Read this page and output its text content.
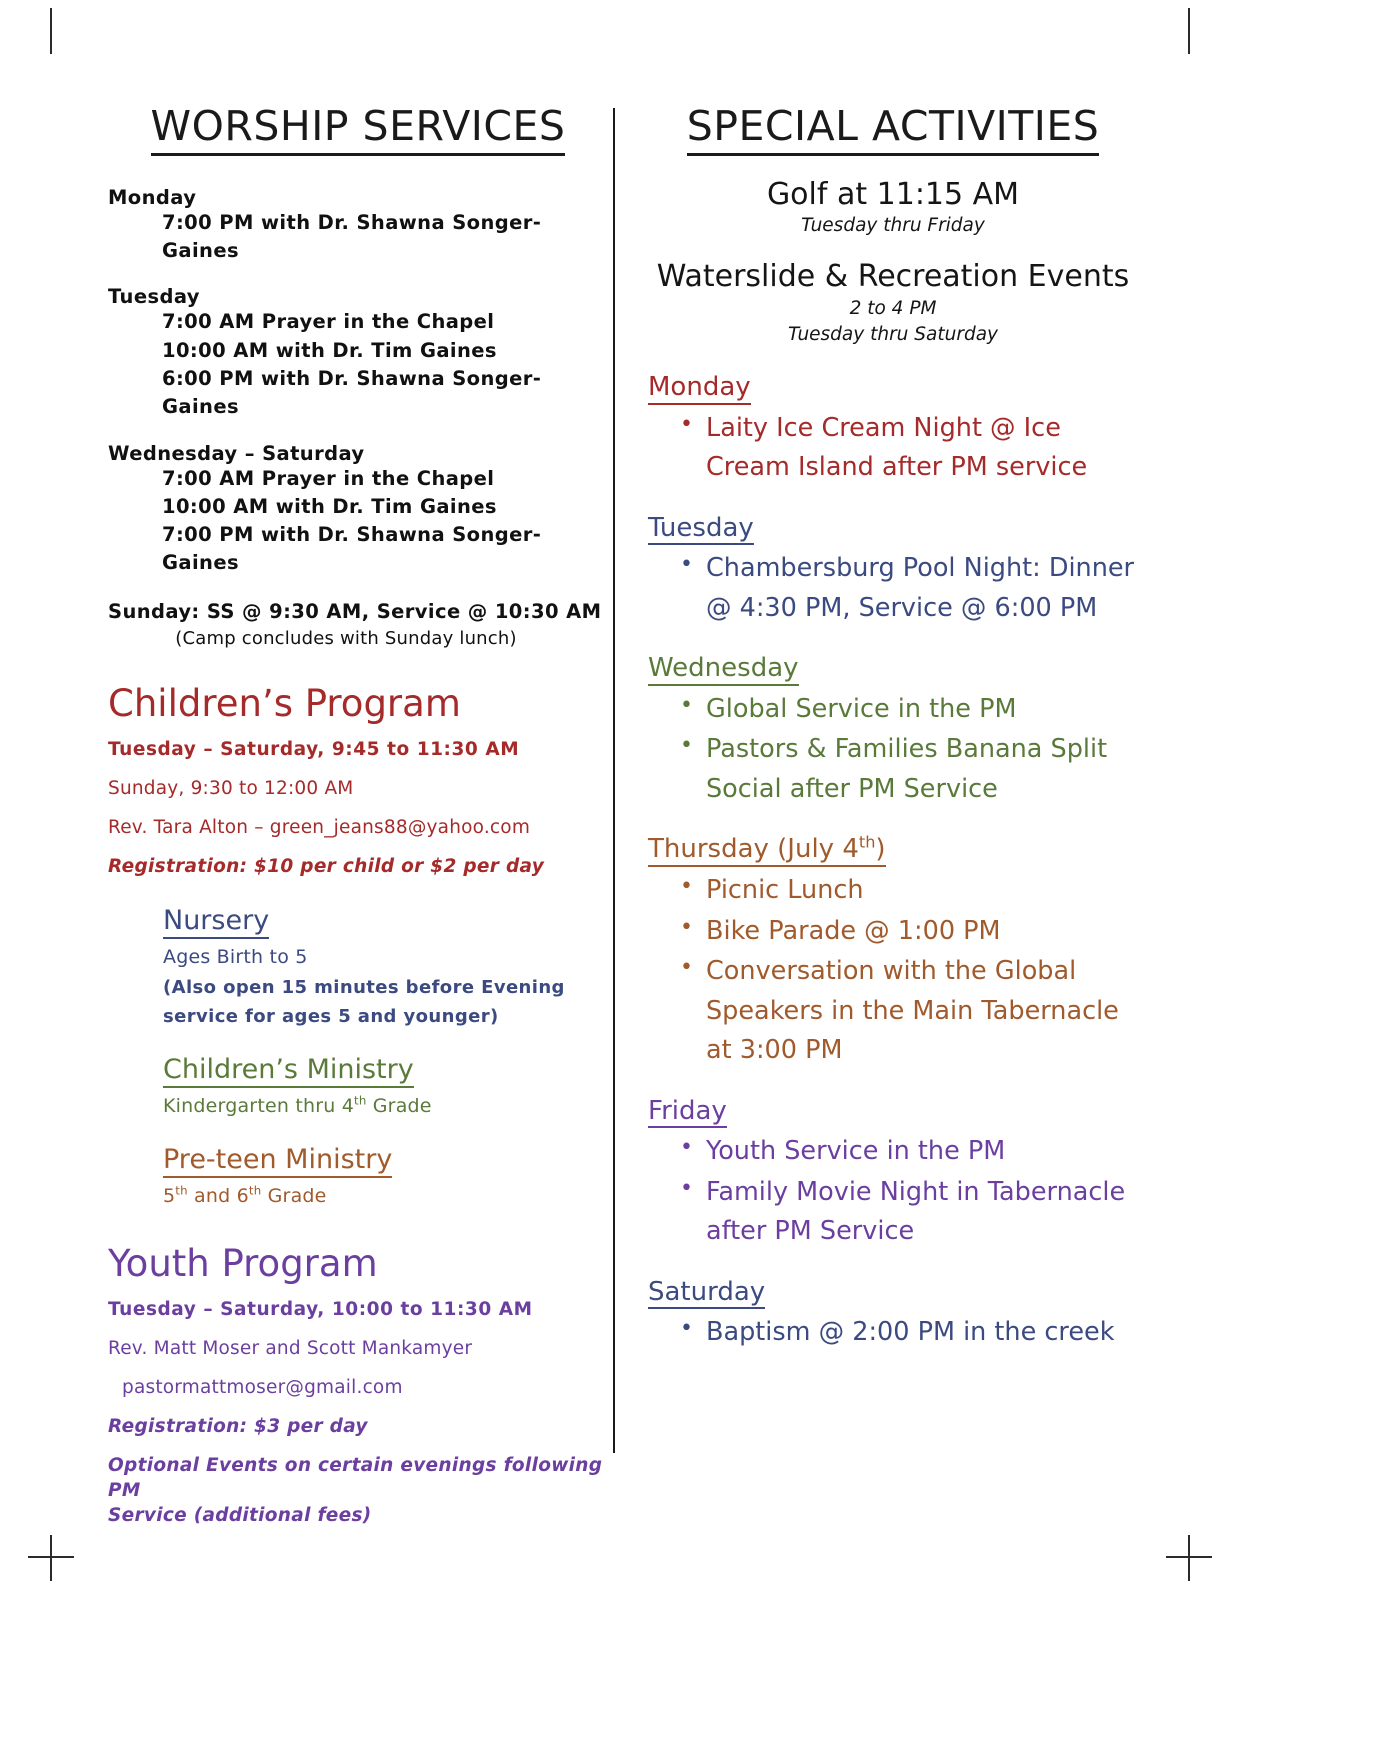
WORSHIP SERVICES
Monday
7:00 PM with Dr. Shawna Songer-Gaines
Tuesday
7:00 AM Prayer in the Chapel
10:00 AM with Dr. Tim Gaines
6:00 PM with Dr. Shawna Songer-Gaines
Wednesday – Saturday
7:00 AM Prayer in the Chapel
10:00 AM with Dr. Tim Gaines
7:00 PM with Dr. Shawna Songer-Gaines
Sunday: SS @ 9:30 AM, Service @ 10:30 AM
(Camp concludes with Sunday lunch)
Children’s Program
Tuesday – Saturday, 9:45 to 11:30 AM
Sunday, 9:30 to 12:00 AM
Rev. Tara Alton – green_jeans88@yahoo.com
Registration: $10 per child or $2 per day
Nursery
Ages Birth to 5
(Also open 15 minutes before Evening
service for ages 5 and younger)
Children’s Ministry
Kindergarten thru 4th Grade
Pre-teen Ministry
5th and 6th Grade
Youth Program
Tuesday – Saturday, 10:00 to 11:30 AM
Rev. Matt Moser and Scott Mankamyer
pastormattmoser@gmail.com
Registration: $3 per day
Optional Events on certain evenings following PM
Service (additional fees)
SPECIAL ACTIVITIES
Golf at 11:15 AM
Tuesday thru Friday
Waterslide & Recreation Events
2 to 4 PM
Tuesday thru Saturday
Monday
• Laity Ice Cream Night @ Ice Cream Island after PM service
Tuesday
• Chambersburg Pool Night: Dinner @ 4:30 PM, Service @ 6:00 PM
Wednesday
• Global Service in the PM
• Pastors & Families Banana Split Social after PM Service
Thursday (July 4th)
• Picnic Lunch
• Bike Parade @ 1:00 PM
• Conversation with the Global Speakers in the Main Tabernacle at 3:00 PM
Friday
• Youth Service in the PM
• Family Movie Night in Tabernacle after PM Service
Saturday
• Baptism @ 2:00 PM in the creek
